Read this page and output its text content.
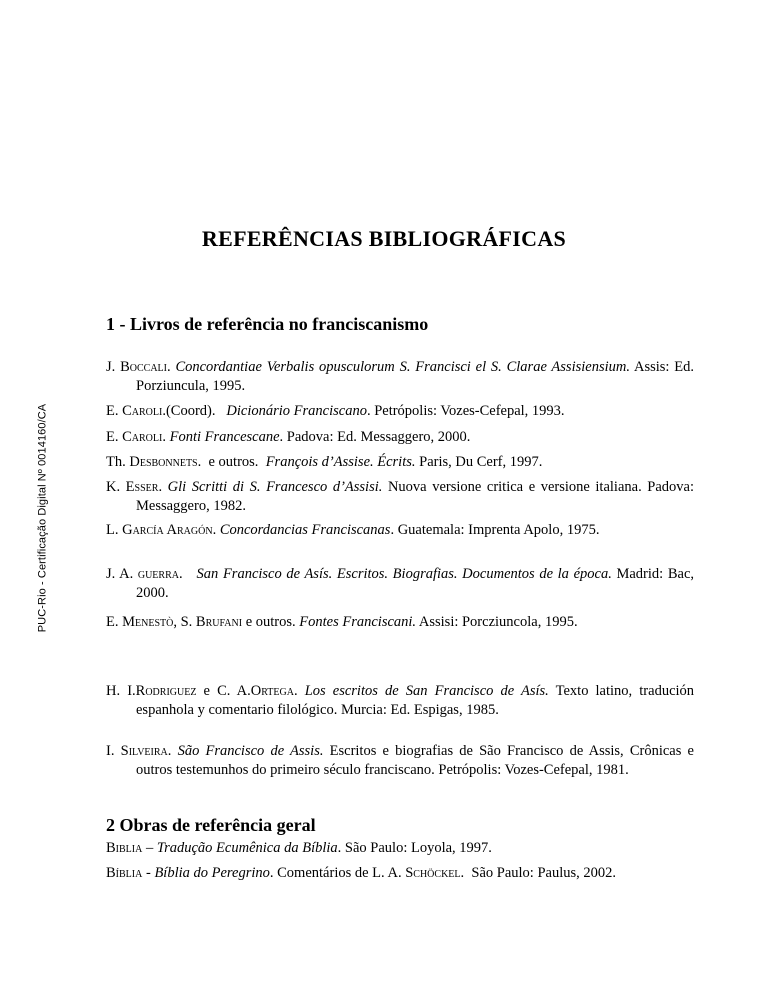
PUC-Rio - Certificação Digital Nº 0014160/CA
REFERÊNCIAS BIBLIOGRÁFICAS
1 - Livros de referência no franciscanismo
J. Boccali. Concordantiae Verbalis opusculorum S. Francisci el S. Clarae Assisiensium. Assis: Ed. Porziuncula, 1995.
E. Caroli.(Coord).   Dicionário Franciscano. Petrópolis: Vozes-Cefepal, 1993.
E. Caroli. Fonti Francescane. Padova: Ed. Messaggero, 2000.
Th. Desbonnets.  e outros.  François d’Assise. Écrits. Paris, Du Cerf, 1997.
K. Esser. Gli Scritti di S. Francesco d’Assisi. Nuova versione critica e versione italiana. Padova: Messaggero, 1982.
L. García Aragón. Concordancias Franciscanas. Guatemala: Imprenta Apolo, 1975.
J. A. guerra.   San Francisco de Asís. Escritos. Biografias. Documentos de la época. Madrid: Bac, 2000.
E. Menestò, S. Brufani e outros. Fontes Franciscani. Assisi: Porcziuncola, 1995.
H. I.Rodriguez e C. A.Ortega. Los escritos de San Francisco de Asís. Texto latino, tradución espanhola y comentario filológico. Murcia: Ed. Espigas, 1985.
I. Silveira. São Francisco de Assis. Escritos e biografias de São Francisco de Assis, Crônicas e outros testemunhos do primeiro século franciscano. Petrópolis: Vozes-Cefepal, 1981.
2 Obras de referência geral
Biblia – Tradução Ecumênica da Bíblia. São Paulo: Loyola, 1997.
Bíblia - Bíblia do Peregrino. Comentários de L. A. Schöckel.  São Paulo: Paulus, 2002.
